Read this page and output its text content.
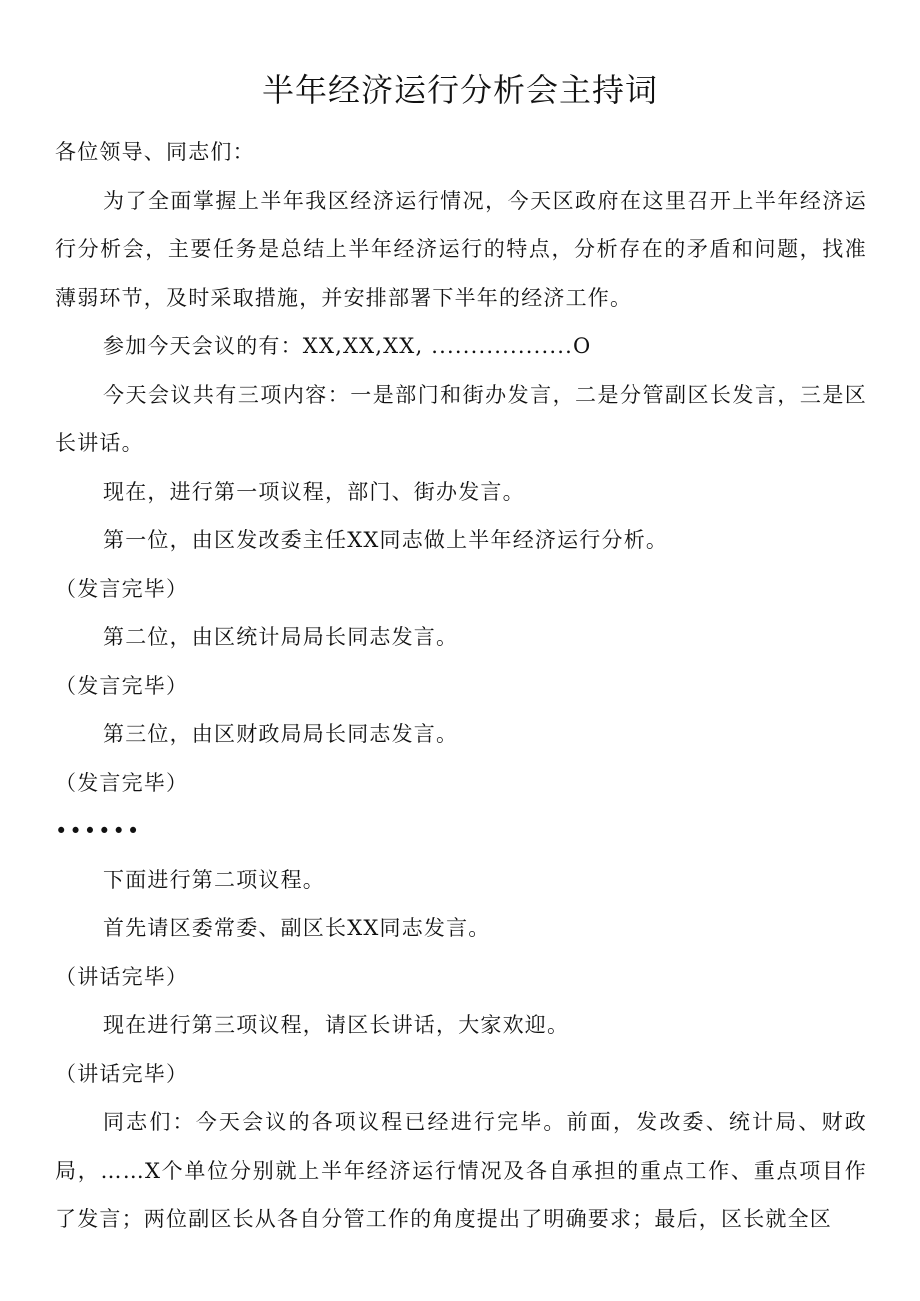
半年经济运行分析会主持词

各位领导、同志们：

为了全面掌握上半年我区经济运行情况，今天区政府在这里召开上半年经济运行分析会，主要任务是总结上半年经济运行的特点，分析存在的矛盾和问题，找准薄弱环节，及时采取措施，并安排部署下半年的经济工作。

参加今天会议的有：XX,XX,XX, ..................O

今天会议共有三项内容：一是部门和街办发言，二是分管副区长发言，三是区长讲话。

现在，进行第一项议程，部门、街办发言。

第一位，由区发改委主任XX同志做上半年经济运行分析。

（发言完毕）

第二位，由区统计局局长同志发言。

（发言完毕）

第三位，由区财政局局长同志发言。

（发言完毕）

••••••

下面进行第二项议程。

首先请区委常委、副区长XX同志发言。

（讲话完毕）

现在进行第三项议程，请区长讲话，大家欢迎。

（讲话完毕）

同志们：今天会议的各项议程已经进行完毕。前面，发改委、统计局、财政局，……X个单位分别就上半年经济运行情况及各自承担的重点工作、重点项目作了发言；两位副区长从各自分管工作的角度提出了明确要求；最后，区长就全区
